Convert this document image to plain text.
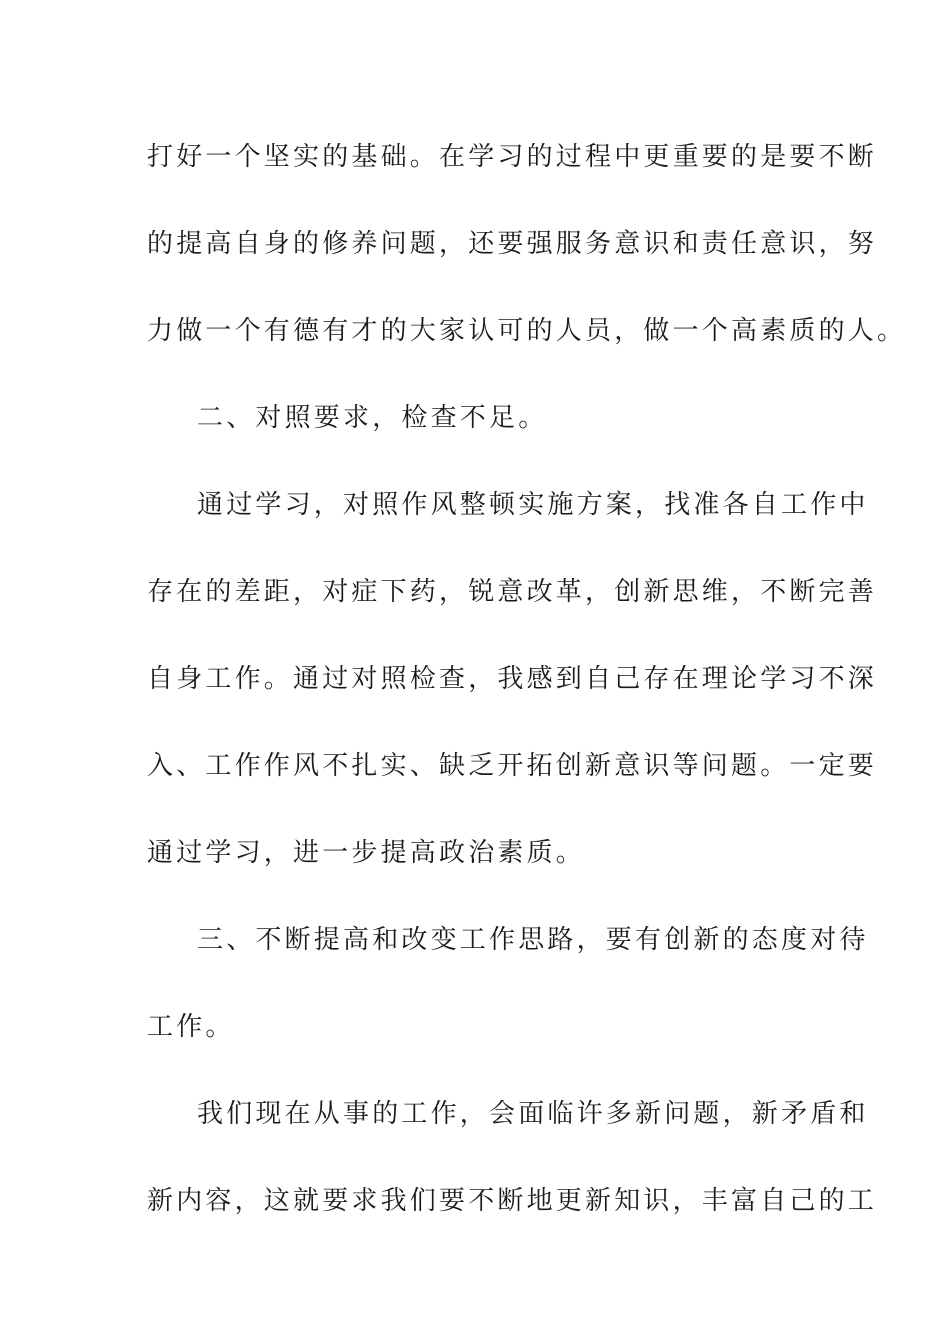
打好一个坚实的基础。在学习的过程中更重要的是要不断
的提高自身的修养问题，还要强服务意识和责任意识，努
力做一个有德有才的大家认可的人员，做一个高素质的人。
二、对照要求，检查不足。
通过学习，对照作风整顿实施方案，找准各自工作中
存在的差距，对症下药，锐意改革，创新思维，不断完善
自身工作。通过对照检查，我感到自己存在理论学习不深
入、工作作风不扎实、缺乏开拓创新意识等问题。一定要
通过学习，进一步提高政治素质。
三、不断提高和改变工作思路，要有创新的态度对待
工作。
我们现在从事的工作，会面临许多新问题，新矛盾和
新内容，这就要求我们要不断地更新知识，丰富自己的工
